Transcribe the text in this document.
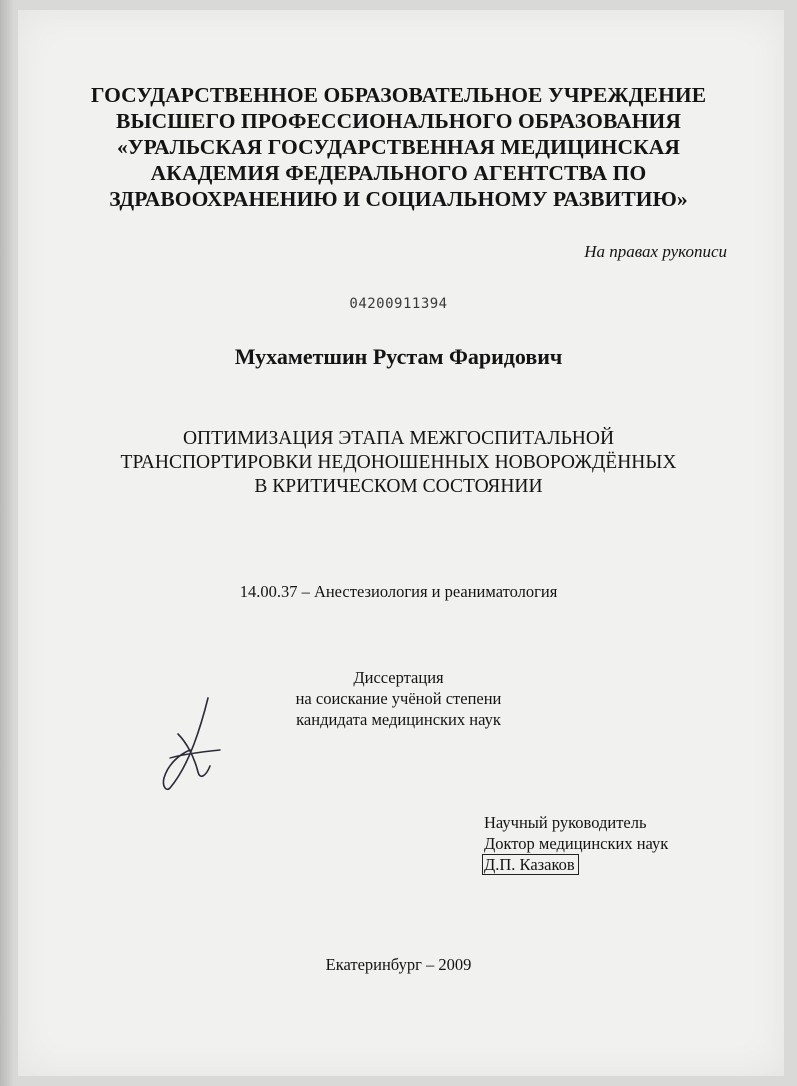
ГОСУДАРСТВЕННОЕ ОБРАЗОВАТЕЛЬНОЕ УЧРЕЖДЕНИЕ
ВЫСШЕГО ПРОФЕССИОНАЛЬНОГО ОБРАЗОВАНИЯ
«УРАЛЬСКАЯ ГОСУДАРСТВЕННАЯ МЕДИЦИНСКАЯ
АКАДЕМИЯ ФЕДЕРАЛЬНОГО АГЕНТСТВА ПО
ЗДРАВООХРАНЕНИЮ И СОЦИАЛЬНОМУ РАЗВИТИЮ»
На правах рукописи
04200911394
Мухаметшин Рустам Фаридович
ОПТИМИЗАЦИЯ ЭТАПА МЕЖГОСПИТАЛЬНОЙ
ТРАНСПОРТИРОВКИ НЕДОНОШЕННЫХ НОВОРОЖДЁННЫХ
В КРИТИЧЕСКОМ СОСТОЯНИИ
14.00.37 – Анестезиология и реаниматология
Диссертация
на соискание учёной степени
кандидата медицинских наук
Научный руководитель
Доктор медицинских наук
Д.П. Казаков
Екатеринбург – 2009
